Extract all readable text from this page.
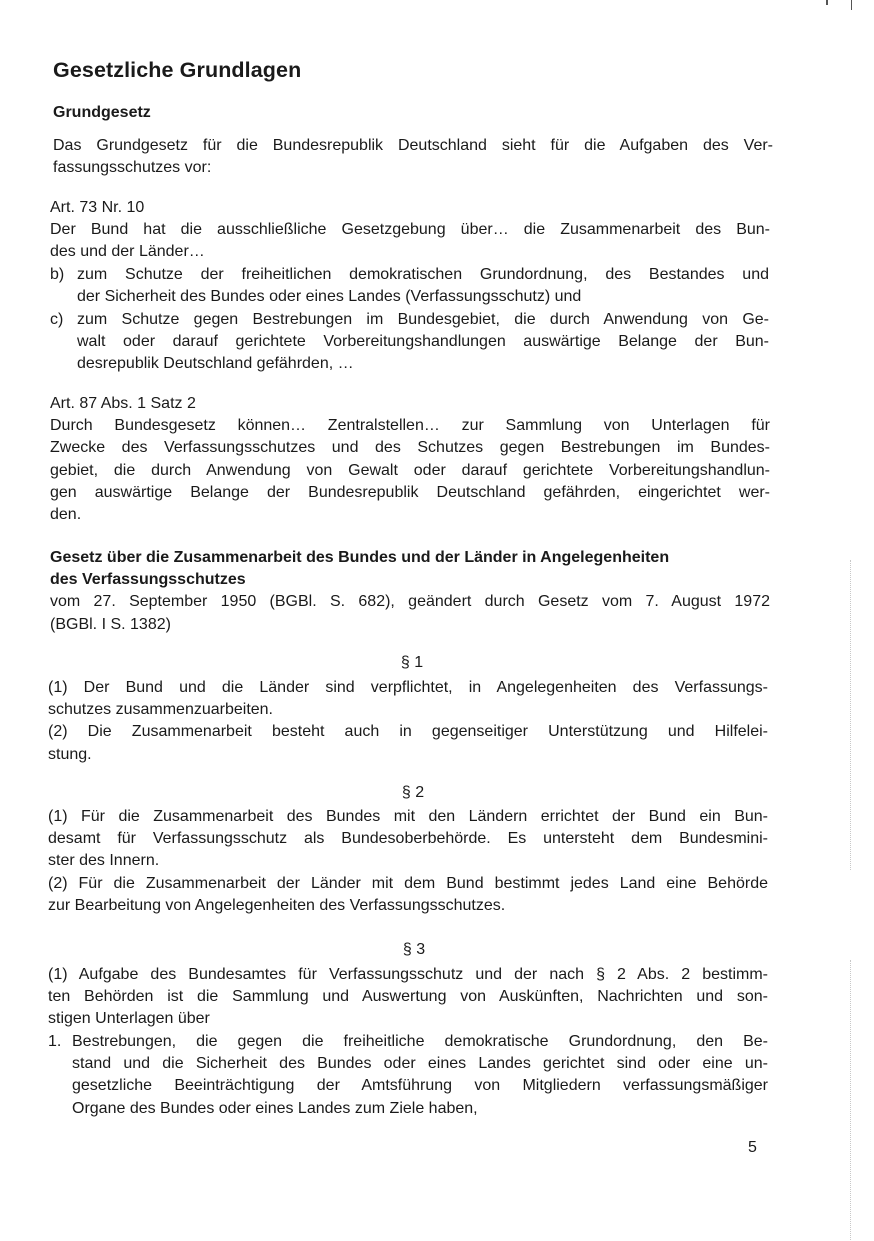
Gesetzliche Grundlagen
Grundgesetz

Das Grundgesetz für die Bundesrepublik Deutschland sieht für die Aufgaben des Ver-
fassungsschutzes vor:

Art. 73 Nr. 10
Der Bund hat die ausschließliche Gesetzgebung über… die Zusammenarbeit des Bun-
des und der Länder…

b) zum Schutze der freiheitlichen demokratischen Grundordnung, des Bestandes und
der Sicherheit des Bundes oder eines Landes (Verfassungsschutz) und
c) zum Schutze gegen Bestrebungen im Bundesgebiet, die durch Anwendung von Ge-
walt oder darauf gerichtete Vorbereitungshandlungen auswärtige Belange der Bun-
desrepublik Deutschland gefährden, …

Art. 87 Abs. 1 Satz 2
Durch Bundesgesetz können… Zentralstellen… zur Sammlung von Unterlagen für
Zwecke des Verfassungsschutzes und des Schutzes gegen Bestrebungen im Bundes-
gebiet, die durch Anwendung von Gewalt oder darauf gerichtete Vorbereitungshandlun-
gen auswärtige Belange der Bundesrepublik Deutschland gefährden, eingerichtet wer-
den.

Gesetz über die Zusammenarbeit des Bundes und der Länder in Angelegenheiten
des Verfassungsschutzes
vom 27. September 1950 (BGBl. S. 682), geändert durch Gesetz vom 7. August 1972
(BGBl. I S. 1382)

§ 1

(1) Der Bund und die Länder sind verpflichtet, in Angelegenheiten des Verfassungs-
schutzes zusammenzuarbeiten.
(2) Die Zusammenarbeit besteht auch in gegenseitiger Unterstützung und Hilfelei-
stung.

§ 2

(1) Für die Zusammenarbeit des Bundes mit den Ländern errichtet der Bund ein Bun-
desamt für Verfassungsschutz als Bundesoberbehörde. Es untersteht dem Bundesmini-
ster des Innern.
(2) Für die Zusammenarbeit der Länder mit dem Bund bestimmt jedes Land eine Behörde
zur Bearbeitung von Angelegenheiten des Verfassungsschutzes.

§ 3

(1) Aufgabe des Bundesamtes für Verfassungsschutz und der nach § 2 Abs. 2 bestimm-
ten Behörden ist die Sammlung und Auswertung von Auskünften, Nachrichten und son-
stigen Unterlagen über

1. Bestrebungen, die gegen die freiheitliche demokratische Grundordnung, den Be-
stand und die Sicherheit des Bundes oder eines Landes gerichtet sind oder eine un-
gesetzliche Beeinträchtigung der Amtsführung von Mitgliedern verfassungsmäßiger
Organe des Bundes oder eines Landes zum Ziele haben,
5
